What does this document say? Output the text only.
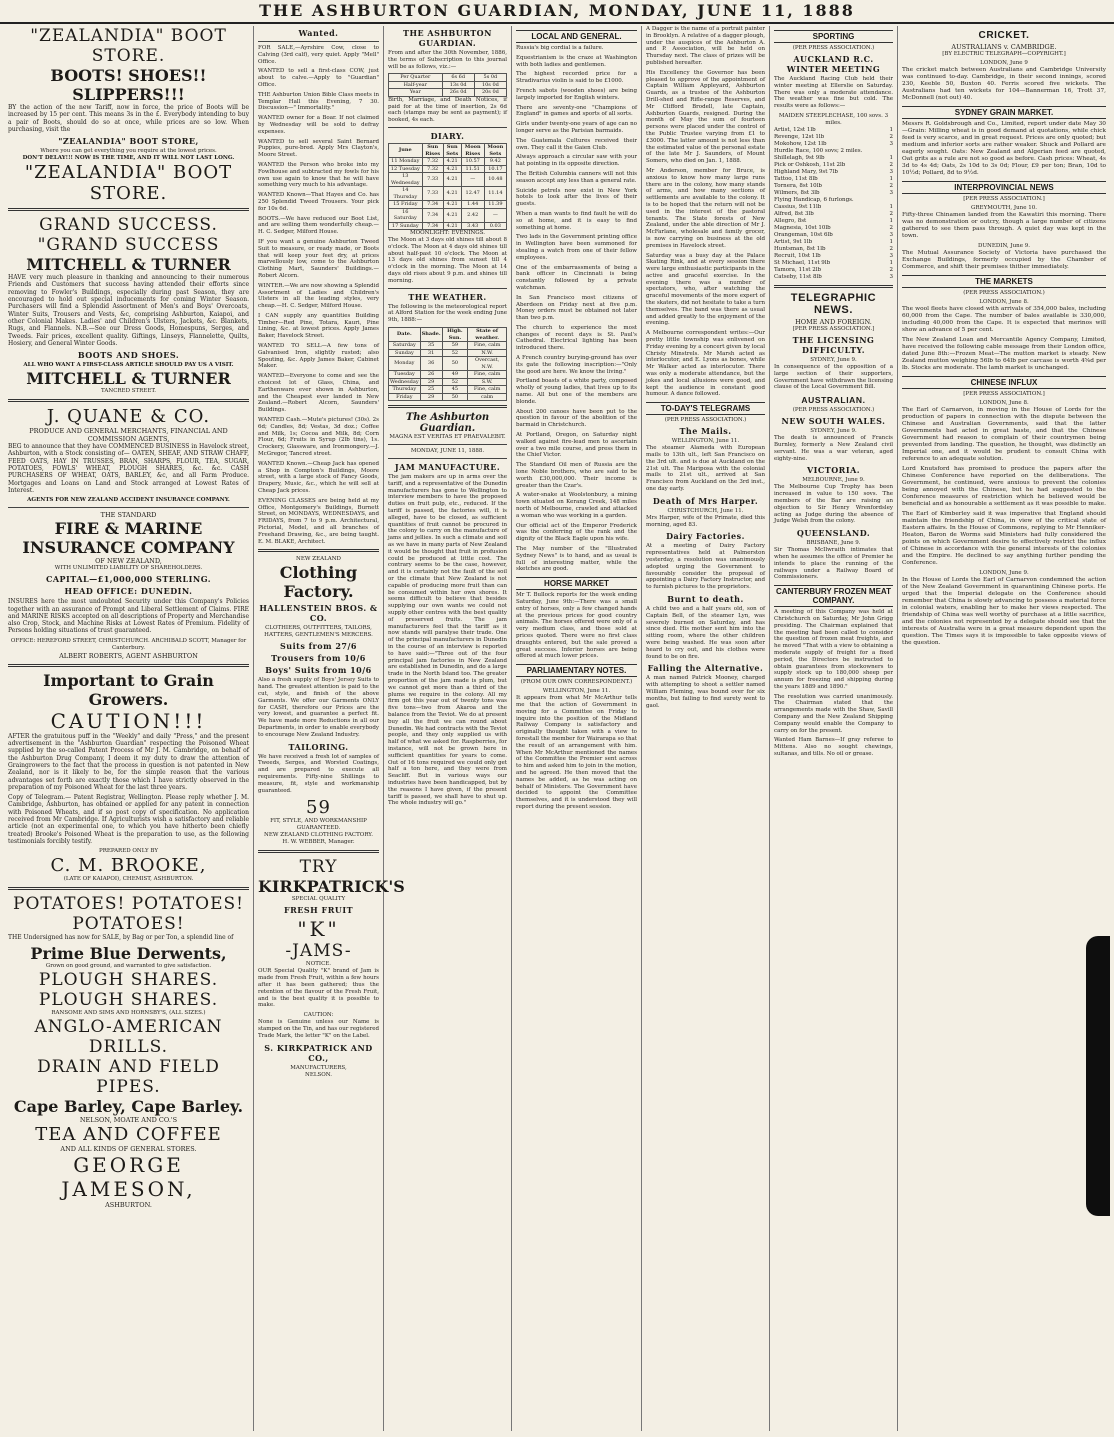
THE ASHBURTON GUARDIAN, MONDAY, JUNE 11, 1888
"ZEALANDIA" BOOT STORE.
BOOTS! SHOES!! SLIPPERS!!!

BY the action of the new Tariff, now in force, the price of Boots will be increased by 15 per cent. This means 3s in the £. Everybody intending to buy a pair of Boots, should do so at once, while prices are so low. When purchasing, visit the

"ZEALANDIA" BOOT STORE,
Where you can get everything you require at the lowest prices.
DON'T DELAY!!! NOW IS THE TIME, AND IT WILL NOT LAST LONG.
"ZEALANDIA" BOOT STORE.
GRAND SUCCESS. "GRAND SUCCESS
MITCHELL & TURNER

HAVE very much pleasure in thanking and announcing to their numerous Friends and Customers that success having attended their efforts since removing to Fowler's Buildings, especially during past Season, they are encouraged to hold out special inducements for coming Winter Season. Purchasers will find a Splendid Assortment of Men's and Boys' Overcoats, Winter Suits, Trousers and Vests, &c, comprising Ashburton, Kaiapoi, and other Colonial Makes. Ladies' and Children's Ulsters, Jackets, &c. Blankets, Rugs, and Flannels. N.B.—See our Dress Goods, Homespuns, Serges, and Tweeds. Fair prices, excellent quality. Giftings, Linseys, Flannelette, Quilts, Hosiery, and General Winter Goods.

BOOTS AND SHOES.
ALL WHO WANT A FIRST-CLASS ARTICLE SHOULD PAY US A VISIT.
MITCHELL & TURNER
TANCRED STREET.
J. QUANE & CO.
PRODUCE AND GENERAL MERCHANTS, FINANCIAL AND COMMISSION AGENTS,

BEG to announce that they have COMMENCED BUSINESS in Havelock street, Ashburton, with a Stock consisting of— OATEN, SHEAF, AND STRAW CHAFF, FEED OATS, HAY IN TRUSSES, BRAN, SHARPS, FLOUR, TEA, SUGAR, POTATOES, FOWLS' WHEAT, PLOUGH SHARES, &c. &c. CASH PURCHASERS OF WHEAT, OATS, BARLEY, &c, and all Farm Produce. Mortgages and Loans on Land and Stock arranged at Lowest Rates of Interest.

AGENTS FOR NEW ZEALAND ACCIDENT INSURANCE COMPANY.
THE STANDARD
FIRE & MARINE INSURANCE COMPANY
OF NEW ZEALAND,
WITH UNLIMITED LIABILITY OF SHAREHOLDERS.
CAPITAL—£1,000,000 STERLING.
HEAD OFFICE: DUNEDIN.

INSURES here the most undoubted Security under this Company's Policies together with an assurance of Prompt and Liberal Settlement of Claims. FIRE and MARINE RISKS accepted on all descriptions of Property and Merchandise also Crop, Stock, and Machine Risks at Lowest Rates of Premium. Fidelity of Persons holding situations of trust guaranteed.

OFFICE: HEREFORD STREET, CHRISTCHURCH. ARCHIBALD SCOTT, Manager for Canterbury.
ALBERT ROBERTS, AGENT ASHBURTON
Important to Grain Growers.
CAUTION!!!

AFTER the gratuitous puff in the "Weekly" and daily "Press," and the present advertisement in the "Ashburton Guardian" respecting the Poisoned Wheat supplied by the so-called Patent Process of Mr J. M. Cambridge, on behalf of the Ashburton Drug Company, I deem it my duty to draw the attention of Graingrowers to the fact that the process in question is not patented in New Zealand, nor is it likely to be, for the simple reason that the various advantages set forth are exactly those which I have strictly observed in the preparation of my Poisoned Wheat for the last three years.

Copy of Telegram.— Patent Registrar, Wellington. Please reply whether J. M. Cambridge, Ashburton, has obtained or applied for any patent in connection with Poisoned Wheats, and if so post copy of specification. No application received from Mr Cambridge. If Agriculturists wish a satisfactory and reliable article (not an experimental one, to which you have hitherto been chiefly treated) Brooke's Poisoned Wheat is the preparation to use, as the following testimonials forcibly testify.

PREPARED ONLY BY
C. M. BROOKE,
(LATE OF KAIAPOI), CHEMIST, ASHBURTON.
POTATOES! POTATOES! POTATOES!

THE Undersigned has now for SALE, by Bag or per Ton, a splendid line of

Prime Blue Derwents,
Grown on good ground, and warranted to give satisfaction.
PLOUGH SHARES. PLOUGH SHARES.
RANSOME AND SIMS AND HORNSBY'S, (ALL SIZES.)
ANGLO-AMERICAN DRILLS.
DRAIN AND FIELD PIPES.
Cape Barley, Cape Barley.
NELSON, MOATE AND CO.'S
TEA AND COFFEE
AND ALL KINDS OF GENERAL STORES.
GEORGE JAMESON,
ASHBURTON.
Wanted.

FOR SALE,—Ayrshire Cow, close to Calving (3rd calf), very quiet. Apply "Mell" Office.

WANTED to sell a first-class COW, just about to calve.—Apply to "Guardian" Office.

THE Ashburton Union Bible Class meets in Templar Hall this Evening, 7 30. Discussion—" Immortality."

WANTED owner for a Boar. If not claimed by Wednesday will be sold to defray expenses.

WANTED to sell several Saint Bernard Puppies, pure-bred. Apply Mrs Clayton's, Moore Street.

WANTED the Person who broke into my Fowlhouse and subtracted my fowls for his own use again to know that he will have something very much to his advantage.

WANTED Known—That Hayes and Co. has 250 Splendid Tweed Trousers. Your pick for 10s 6d.

BOOTS.—We have reduced our Boot List, and are selling them wonderfully cheap.—H. C. Sedger, Milford House.

IF you want a genuine Ashburton Tweed Suit to measure, or ready made, or Boots that will keep your feet dry, at prices marvellously low, come to the Ashburton Clothing Mart, Saunders' Buildings.—Robert Alcorn.

WINTER.—We are now showing a Splendid Assortment of Ladies and Children's Ulsters in all the leading styles, very cheap.—H. C. Sedger, Milford House.

I CAN supply any quantities Building Timber—Red Pine, Totara, Kauri, Pine Lining, &c. at lowest prices. Apply James Baker, Havelock Street.

WANTED TO SELL—A few tons of Galvanised Iron, slightly rusted; also Spouting, &c. Apply James Baker, Cabinet Maker.

WANTED—Everyone to come and see the choicest lot of Glass, China, and Earthenware ever shown in Ashburton, and the Cheapest ever landed in New Zealand.—Robert Alcorn, Saunders' Buildings.

WANTED Cash.—Mute's pictures! (30s). 2s 6d; Candles, 8d; Vestas, 3d doz.; Coffee and Milk, 1s; Cocoa and Milk, 8d; Corn Flour, 6d; Fruits in Syrup (2lb tins), 1s. Crockery, Glassware, and Ironmongery.—J. McGregor, Tancred street.

WANTED Known.—Cheap Jack has opened a Shop in Compton's Buildings, Moore street, with a large stock of Fancy Goods, Drapery, Music, &c., which he will sell at Cheap Jack prices.

EVENING CLASSES are being held at my Office, Montgomery's Buildings, Burnett Street, on MONDAYS, WEDNESDAYS, and FRIDAYS, from 7 to 9 p.m. Architectural, Pictorial, Model, and all branches of Freehand Drawing, &c., are being taught. E. M. BLAKE, Architect.

NEW ZEALAND
Clothing Factory.
HALLENSTEIN BROS. & CO.
CLOTHIERS, OUTFITTERS, TAILORS, HATTERS, GENTLEMEN'S MERCERS.
Suits from 27/6
Trousers from 10/6
Boys' Suits from 10/6

Also a fresh supply of Boys' Jersey Suits to hand. The greatest attention is paid to the cut, style, and finish of the above Garments. We offer our Garments ONLY for CASH, therefore our Prices are the very lowest, and guarantee a perfect fit. We have made more Reductions in all our Departments, in order to enable everybody to encourage New Zealand Industry.

TAILORING.

We have received a fresh lot of samples of Tweeds, Serges, and Worsted Coatings, and are prepared to execute all requirements. Fifty-nine Shillings to measure, fit, style and workmanship guaranteed.

59
FIT, STYLE, AND WORKMANSHIP GUARANTEED.
NEW ZEALAND CLOTHING FACTORY.
H. W. WEBBER, Manager.
TRY
KIRKPATRICK'S
SPECIAL QUALITY
FRESH FRUIT
"K"
-JAMS-
NOTICE.

OUR Special Quality "K" brand of Jam is made from Fresh Fruit, within a few hours after it has been gathered; thus the retention of the flavour of the Fresh Fruit, and is the best quality it is possible to make.

CAUTION:

None is Genuine unless our Name is stamped on the Tin, and has our registered Trade Mark, the letter "K" on the Label.

S. KIRKPATRICK AND CO.,
MANUFACTURERS,
NELSON.
THE ASHBURTON GUARDIAN.

From and after the 30th November, 1886, the terms of Subscription to this journal will be as follows, viz.:—

Per Quarter	6s 6d	5s 0d
Half-year	13s 0d	10s 0d
Year	26s 0d	20s 0d

Birth, Marriage, and Death Notices, if paid for at the time of insertion, 2s 6d each (stamps may be sent as payment); if booked, 4s each.

DIARY.
June	Sun Rises	Sun Sets	Moon Rises	Moon Sets
11 Monday	7.32	4.21	10.57	9.42
12 Tuesday	7.32	4.21	11.51	10.17
13 Wednesday	7.33	4.21	—	10.48
14 Thursday	7.33	4.21	12.47	11.14
15 Friday	7.34	4.21	1.44	11.39
16 Saturday	7.34	4.21	2.42	—
17 Sunday	7.34	4.21	3.43	0.03
MOONLIGHT: EVENINGS.

The Moon at 3 days old shines till about 8 o'clock. The Moon at 4 days old shines till about half-past 10 o'clock. The Moon at 13 days old shines from sunset till 4 o'clock in the morning. The Moon at 14 days old rises about 9 p.m. and shines till morning.

THE WEATHER.

The following is the meteorological report at Alford Station for the week ending June 9th, 1888:—

Date.	Shade.	High. Sun.	State of weather.
Saturday	35	59	Fine, calm
Sunday	31	52	N.W.
Monday	36	50	Overcast, N.W.
Tuesday	26	49	Fine, calm
Wednesday	29	52	S.W.
Thursday	25	45	Fine, calm
Friday	29	50	calm
The Ashburton Guardian.
MAGNA EST VERITAS ET PRAEVALEBIT.
MONDAY, JUNE 11, 1888.
JAM MANUFACTURE.

The jam makers are up in arms over the tariff, and a representative of the Dunedin manufacturers has gone to Wellington to interview members to have the proposed duties on fruit pulp, etc., reduced. If the tariff is passed, the factories will, it is alleged, have to be closed, as sufficient quantities of fruit cannot be procured in the colony to carry on the manufacture of jams and jellies. In such a climate and soil as we have in many parts of New Zealand it would be thought that fruit in profusion could be produced at little cost. The contrary seems to be the case, however, and it is certainly not the fault of the soil or the climate that New Zealand is not capable of producing more fruit than can be consumed within her own shores. It seems difficult to believe that besides supplying our own wants we could not supply other centres with the best quality of preserved fruits. The jam manufacturers feel that the tariff as it now stands will paralyse their trade. One of the principal manufacturers in Dunedin in the course of an interview is reported to have said:—"Three out of the four principal jam factories in New Zealand are established in Dunedin, and do a large trade in the North Island too. The greater proportion of the jam made is plum, but we cannot get more than a third of the plums we require in the colony. All my firm got this year out of twenty tons was five tons—two from Akaroa and the balance from the Teviot. We do at present buy all the fruit we can round about Dunedin. We had contracts with the Teviot people, and they only supplied us with half of what we asked for. Raspberries, for instance, will not be grown here in sufficient quantities for years to come. Out of 16 tons required we could only get half a ton here, and they were from Seacliff. But in various ways our industries have been handicapped, but by the reasons I have given, if the present tariff is passed, we shall have to shut up. The whole industry will go."

LOCAL AND GENERAL.

Russia's big cordial is a failure.

Equestrianism is the craze at Washington with both ladies and gentlemen.

The highest recorded price for a Stradivarius violin is said to be £1000.

French sabots (wooden shoes) are being largely imported for English winters.

There are seventy-one "Champions of England" in games and sports of all sorts.

Girls under twenty-one years of age can no longer serve as the Parisian barmaids.

The Guatemala Cultures received their own. They call it the Gaien Club.

Always approach a circular saw with your hat pointing in its opposite direction.

The British Columbia canners will not this season accept any less than a general rate.

Suicide petrels now exist in New York hotels to look after the lives of their guests.

When a man wants to find fault he will do so at home, and it is easy to find something at home.

Two lads in the Government printing office in Wellington have been summoned for stealing a watch from one of their fellow employees.

One of the embarrassments of being a bank officer in Cincinnati is being constantly followed by a private watchman.

In San Francisco most citizens of Aberdeen on Friday next at five p.m. Money orders must be obtained not later than two p.m.

The church to experience the most changes of recent days is St. Paul's Cathedral. Electrical lighting has been introduced there.

A French country burying-ground has over its gate the following inscription:—"Only the good are here. We know the living."

Portland boasts of a white party, composed wholly of young ladies, that lives up to its name. All but one of the members are blonde.

About 200 canoes have been put to the question in favour of the abolition of the barmaid in Christchurch.

At Portland, Oregon, on Saturday night walked against fire-lead men to ascertain over a two mile course, and press them in the Chief Victor.

The Standard Oil men of Russia are the lone Noble brothers, who are said to be worth £30,000,000. Their income is greater than the Czar's.

A water-snake at Woolstonbury, a mining town situated on Kerang Creek, 148 miles north of Melbourne, crawled and attacked a woman who was working in a garden.

Our official act of the Emperor Frederick was the conferring of the rank and the dignity of the Black Eagle upon his wife.

The May number of the "Illustrated Sydney News" is to hand, and as usual is full of interesting matter, while the sketches are good.

HORSE MARKET

Mr T. Bullock reports for the week ending Saturday, June 9th:—There was a small entry of horses, only a few changed hands at the previous prices for good country animals. The horses offered were only of a very medium class, and those sold at prices quoted. There were no first class draughts entered, but the sale proved a great success. Inferior horses are being offered at much lower prices.

PARLIAMENTARY NOTES.
(FROM OUR OWN CORRESPONDENT.)
WELLINGTON, June 11.

It appears from what Mr McArthur tells me that the action of Government in moving for a Committee on Friday to inquire into the position of the Midland Railway Company is satisfactory and originally thought taken with a view to forestall the member for Wairarapa so that the result of an arrangement with him. When Mr McArthur mentioned the names of the Committee the Premier sent across to him and asked him to join in the motion, and he agreed. He then moved that the names be added, as he was acting on behalf of Ministers. The Government have decided to appoint the Committee themselves, and it is understood they will report during the present session.

A Dagger is the name of a portrait painter in Brooklyn. A relative of a dagger plough, under the auspices of the Ashburton A. and P. Association, will be held on Thursday next. The class of prizes will be published hereafter.

His Excellency the Governor has been pleased to approve of the appointment of Captain William Appleyard, Ashburton Guards, as a trustee of the Ashburton Drill-shed and Rifle-range Reserves, and Mr Clifford Brodell, late Captain, Ashburton Guards, resigned. During the month of May the sum of fourteen persons were placed under the control of the Public Trustee varying from £1 to £3000. The latter amount is not less than the estimated value of the personal estate of the late Mr J. Saunders, of Mount Somers, who died on Jan. 1, 1888.

Mr Anderson, member for Bruce, is anxious to know how many large runs there are in the colony, how many stands of arms, and how many sections of settlements are available to the colony. It is to be hoped that the return will not be used in the interest of the pastoral tenants. The State forests of New Zealand, under the able direction of Mr J. McFarlane, wholesale and family grocer, is now carrying on business at the old premises in Havelock street.

Saturday was a busy day at the Palace Skating Rink, and at every session there were large enthusiastic participants in the active and graceful exercise. In the evening there was a number of spectators, who, after watching the graceful movements of the more expert of the skaters, did not hesitate to take a turn themselves. The band was there as usual and added greatly to the enjoyment of the evening.

A Melbourne correspondent writes:—Our pretty little township was enlivened on Friday evening by a concert given by local Christy Minstrels. Mr Marsh acted as interlocutor, and E. Lyons as bones, while Mr Walker acted as interlocutor. There was only a moderate attendance, but the jokes and local allusions were good, and kept the audience in constant good humour. A dance followed.

TO-DAY'S TELEGRAMS
(PER PRESS ASSOCIATION.)
The Mails.
WELLINGTON, June 11.

The steamer Alameda with European mails to 13th ult., left San Francisco on the 3rd ult. and is due at Auckland on the 21st ult. The Mariposa with the colonial mails to 21st ult., arrived at San Francisco from Auckland on the 3rd inst., one day early.

Death of Mrs Harper.
CHRISTCHURCH, June 11.

Mrs Harper, wife of the Primate, died this morning, aged 83.

Dairy Factories.

At a meeting of Dairy Factory representatives held at Palmerston yesterday, a resolution was unanimously adopted urging the Government to favourably consider the proposal of appointing a Dairy Factory Instructor, and to furnish pictures to the proprietors.

Burnt to death.

A child two and a half years old, son of Captain Bell, of the steamer Lyn, was severely burned on Saturday, and has since died. His mother sent him into the sitting room, where the other children were being washed. He was soon after heard to cry out, and his clothes were found to be on fire.

Falling the Alternative.

A man named Patrick Mooney, charged with attempting to shoot a settler named William Fleming, was bound over for six months, but failing to find surety went to gaol.

SPORTING
(PER PRESS ASSOCIATION.)
AUCKLAND R.C. WINTER MEETING

The Auckland Racing Club held their winter meeting at Ellerslie on Saturday. There was only a moderate attendance. The weather was fine but cold. The results were as follows:—

MAIDEN STEEPLECHASE, 100 sovs. 3 miles.
Artist, 12st 1lb	1
Revenge, 12st 1lb	2
Mokohow, 12st 1lb	3
Hurdle Race, 100 sovs; 2 miles.
Shillelagh, 9st 9lb	1
Pick or Oshkosh, 11st 2lb	2
Highland Mary, 9st 7lb	3
Tattoo, 11st 8lb	1
Tornera, 8st 10lb	2
Wilmers, 8st 3lb	3
Flying Handicap, 6 furlongs.
Cassius, 9st 11lb	1
Alfred, 8st 3lb	2
Allegro, 8st	1
Magnesia, 10st 10lb	2
Orangeman, 10st 6lb	3
Artist, 9st 1lb	1
Huntsman, 8st 1lb	2
Recruit, 10st 1lb	3
St Michael, 11st 9lb	1
Tamora, 11st 2lb	2
Catseby, 11st 8lb	3
TELEGRAPHIC NEWS.
HOME AND FOREIGN.
[PER PRESS ASSOCIATION.]
THE LICENSING DIFFICULTY.
SYDNEY, June 9.

In consequence of the opposition of a large section of their supporters, Government have withdrawn the licensing clause of the Local Government Bill.

AUSTRALIAN.
(PER PRESS ASSOCIATION.)
NEW SOUTH WALES.
SYDNEY, June 9.

The death is announced of Francis Burnley, formerly a New Zealand civil servant. He was a war veteran, aged eighty-nine.

VICTORIA.
MELBOURNE, June 9.

The Melbourne Cup Trophy has been increased in value to 150 sovs. The members of the Bar are raising an objection to Sir Henry Wrenfordsley acting as Judge during the absence of Judge Welsh from the colony.

QUEENSLAND.
BRISBANE, June 9.

Sir Thomas McIlwraith intimates that when he assumes the office of Premier he intends to place the running of the railways under a Railway Board of Commissioners.

CANTERBURY FROZEN MEAT COMPANY.

A meeting of this Company was held at Christchurch on Saturday, Mr John Grigg presiding. The Chairman explained that the meeting had been called to consider the question of frozen meat freights, and he moved "That with a view to obtaining a moderate supply of freight for a fixed period, the Directors be instructed to obtain guarantees from stockowners to supply stock up to 180,000 sheep per annum for freezing and shipping during the years 1889 and 1890."

The resolution was carried unanimously. The Chairman stated that the arrangements made with the Shaw, Savill Company and the New Zealand Shipping Company would enable the Company to carry on for the present.

Wanted Ham Barnes—If gray referee to Mittens. Also no sought chewings, sultanas, and tills. No oil or grease.

CRICKET.
AUSTRALIANS v. CAMBRIDGE.
[BY ELECTRIC TELEGRAPH—COPYRIGHT.]
LONDON, June 9

The cricket match between Australians and Cambridge University was continued to-day. Cambridge, in their second innings, scored 230, Keeble 50, Buxton 40. Ferris scored five wickets. The Australians had ten wickets for 104—Bannerman 16, Trott 37, McDonnell (not out) 40.

SYDNEY GRAIN MARKET.

Messrs R. Goldsbrough and Co., Limited, report under date May 30—Grain: Milling wheat is in good demand at quotations, while chick feed is very scarce, and in great request. Prices are only quoted; but medium and inferior sorts are rather weaker. Shuck and Pollard are eagerly sought. Oats: New Zealand and Algerian feed are quoted, Oat grits as a rule are not so good as before. Cash prices: Wheat, 4s 3d to 4s 4d; Oats, 2s 10d to 3s 0d; Flour, £9 per ton; Bran, 10d to 10½d; Pollard, 8d to 9½d.

INTERPROVINCIAL NEWS
[PER PRESS ASSOCIATION.]
GREYMOUTH, June 10.

Fifty-three Chinamen landed from the Kawatiri this morning. There was no demonstration or outcry, though a large number of citizens gathered to see them pass through. A quiet day was kept in the town.

DUNEDIN, June 9.

The Mutual Assurance Society of Victoria have purchased the Exchange Buildings, formerly occupied by the Chamber of Commerce, and shift their premises thither immediately.

THE MARKETS
(PER PRESS ASSOCIATION.)
LONDON, June 8.

The wool fleets have closed with arrivals of 354,000 bales, including 60,000 from the Cape. The number of bales available is 330,000, including 40,000 from the Cape. It is expected that merinos will show an advance of 5 per cent.

The New Zealand Loan and Mercantile Agency Company, Limited, have received the following cable message from their London office, dated June 8th:—Frozen Meat—The mutton market is steady. New Zealand mutton weighing 56lb to 64lb per carcase is worth 4⅝d per lb. Stocks are moderate. The lamb market is unchanged.

CHINESE INFLUX
[PER PRESS ASSOCIATION.]
LONDON, June 8.

The Earl of Carnarvon, in moving in the House of Lords for the production of papers in connection with the dispute between the Chinese and Australian Governments, said that the latter Governments had acted in great haste, and that the Chinese Government had reason to complain of their countrymen being prevented from landing. The question, he thought, was distinctly an Imperial one, and it would be prudent to consult China with reference to an adequate solution.

Lord Knutsford has promised to produce the papers after the Chinese Conference have reported on the deliberations. The Government, he continued, were anxious to prevent the colonies being annoyed with the Chinese, but he had suggested to the Conference measures of restriction which he believed would be beneficial and as honourable a settlement as it was possible to make.

The Earl of Kimberley said it was imperative that England should maintain the friendship of China, in view of the critical state of Eastern affairs. In the House of Commons, replying to Mr Henniker-Heaton, Baron de Worms said Ministers had fully considered the points on which Government desire to effectively restrict the influx of Chinese in accordance with the general interests of the colonies and the Empire. He declined to say anything further pending the Conference.

LONDON, June 9.

In the House of Lords the Earl of Carnarvon condemned the action of the New Zealand Government in quarantining Chinese ports. He urged that the Imperial delegate on the Conference should remember that China is slowly advancing to possess a material force in colonial waters, enabling her to make her views respected. The friendship of China was well worthy of purchase at a little sacrifice, and the colonies not represented by a delegate should see that the interests of Australia were in a great measure dependent upon the question. The Times says it is impossible to take opposite views of the question.
